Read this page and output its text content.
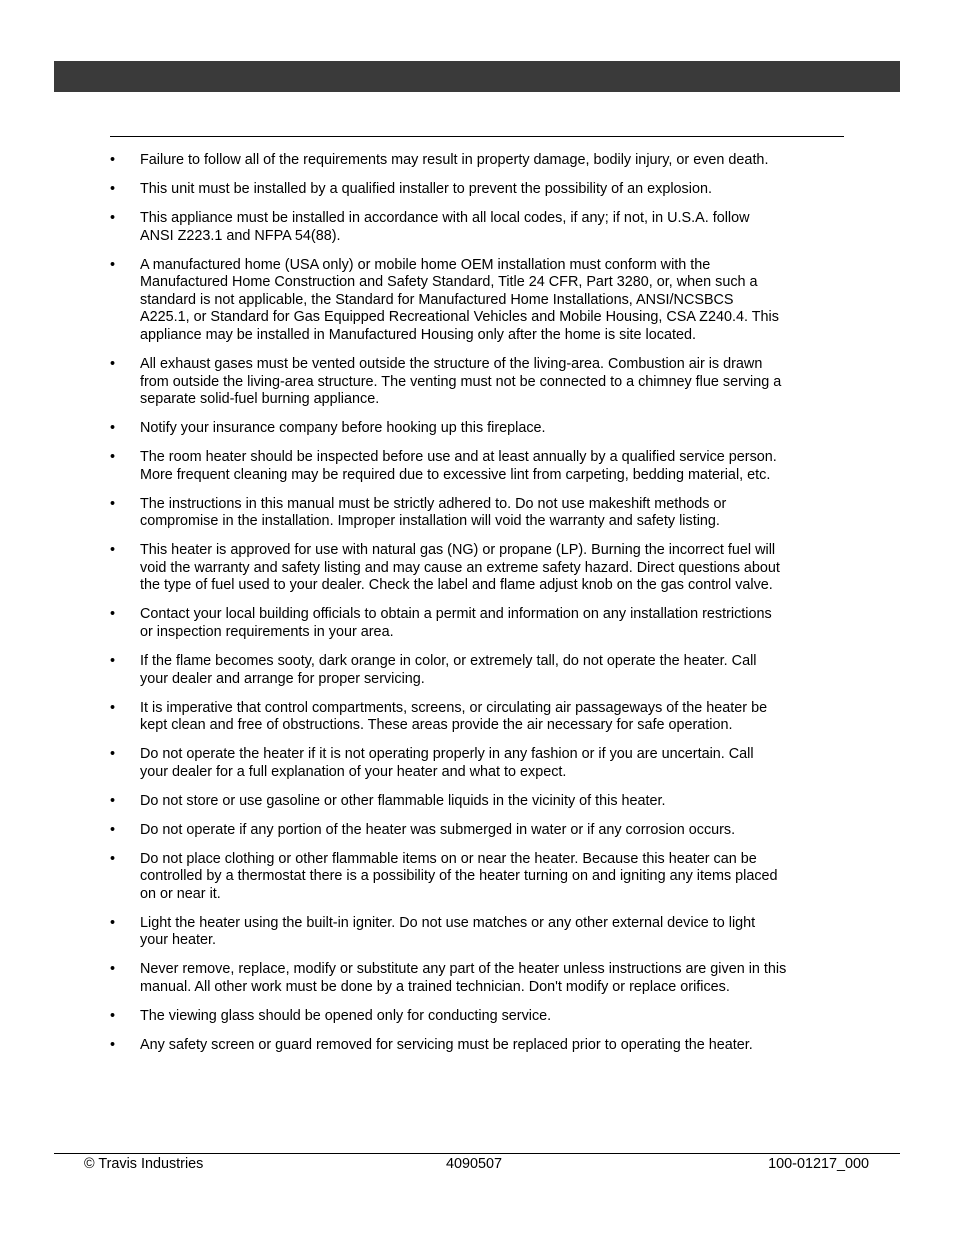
•	Failure to follow all of the requirements may result in property damage, bodily injury, or even death.
•	This unit must be installed by a qualified installer to prevent the possibility of an explosion.
•	This appliance must be installed in accordance with all local codes, if any; if not, in U.S.A. follow
ANSI Z223.1 and NFPA 54(88).
•	A manufactured home (USA only) or mobile home OEM installation must conform with the
Manufactured Home Construction and Safety Standard, Title 24 CFR, Part 3280, or, when such a
standard is not applicable, the Standard for Manufactured Home Installations, ANSI/NCSBCS
A225.1, or Standard for Gas Equipped Recreational Vehicles and Mobile Housing, CSA Z240.4. This
appliance may be installed in Manufactured Housing only after the home is site located.
•	All exhaust gases must be vented outside the structure of the living-area. Combustion air is drawn
from outside the living-area structure. The venting must not be connected to a chimney flue serving a
separate solid-fuel burning appliance.
•	Notify your insurance company before hooking up this fireplace.
•	The room heater should be inspected before use and at least annually by a qualified service person.
More frequent cleaning may be required due to excessive lint from carpeting, bedding material, etc.
•	The instructions in this manual must be strictly adhered to. Do not use makeshift methods or
compromise in the installation. Improper installation will void the warranty and safety listing.
•	This heater is approved for use with natural gas (NG) or propane (LP). Burning the incorrect fuel will
void the warranty and safety listing and may cause an extreme safety hazard. Direct questions about
the type of fuel used to your dealer. Check the label and flame adjust knob on the gas control valve.
•	Contact your local building officials to obtain a permit and information on any installation restrictions
or inspection requirements in your area.
•	If the flame becomes sooty, dark orange in color, or extremely tall, do not operate the heater. Call
your dealer and arrange for proper servicing.
•	It is imperative that control compartments, screens, or circulating air passageways of the heater be
kept clean and free of obstructions. These areas provide the air necessary for safe operation.
•	Do not operate the heater if it is not operating properly in any fashion or if you are uncertain. Call
your dealer for a full explanation of your heater and what to expect.
•	Do not store or use gasoline or other flammable liquids in the vicinity of this heater.
•	Do not operate if any portion of the heater was submerged in water or if any corrosion occurs.
•	Do not place clothing or other flammable items on or near the heater. Because this heater can be
controlled by a thermostat there is a possibility of the heater turning on and igniting any items placed
on or near it.
•	Light the heater using the built-in igniter. Do not use matches or any other external device to light
your heater.
•	Never remove, replace, modify or substitute any part of the heater unless instructions are given in this
manual. All other work must be done by a trained technician. Don't modify or replace orifices.
•	The viewing glass should be opened only for conducting service.
•	Any safety screen or guard removed for servicing must be replaced prior to operating the heater.
© Travis Industries	4090507	100-01217_000
